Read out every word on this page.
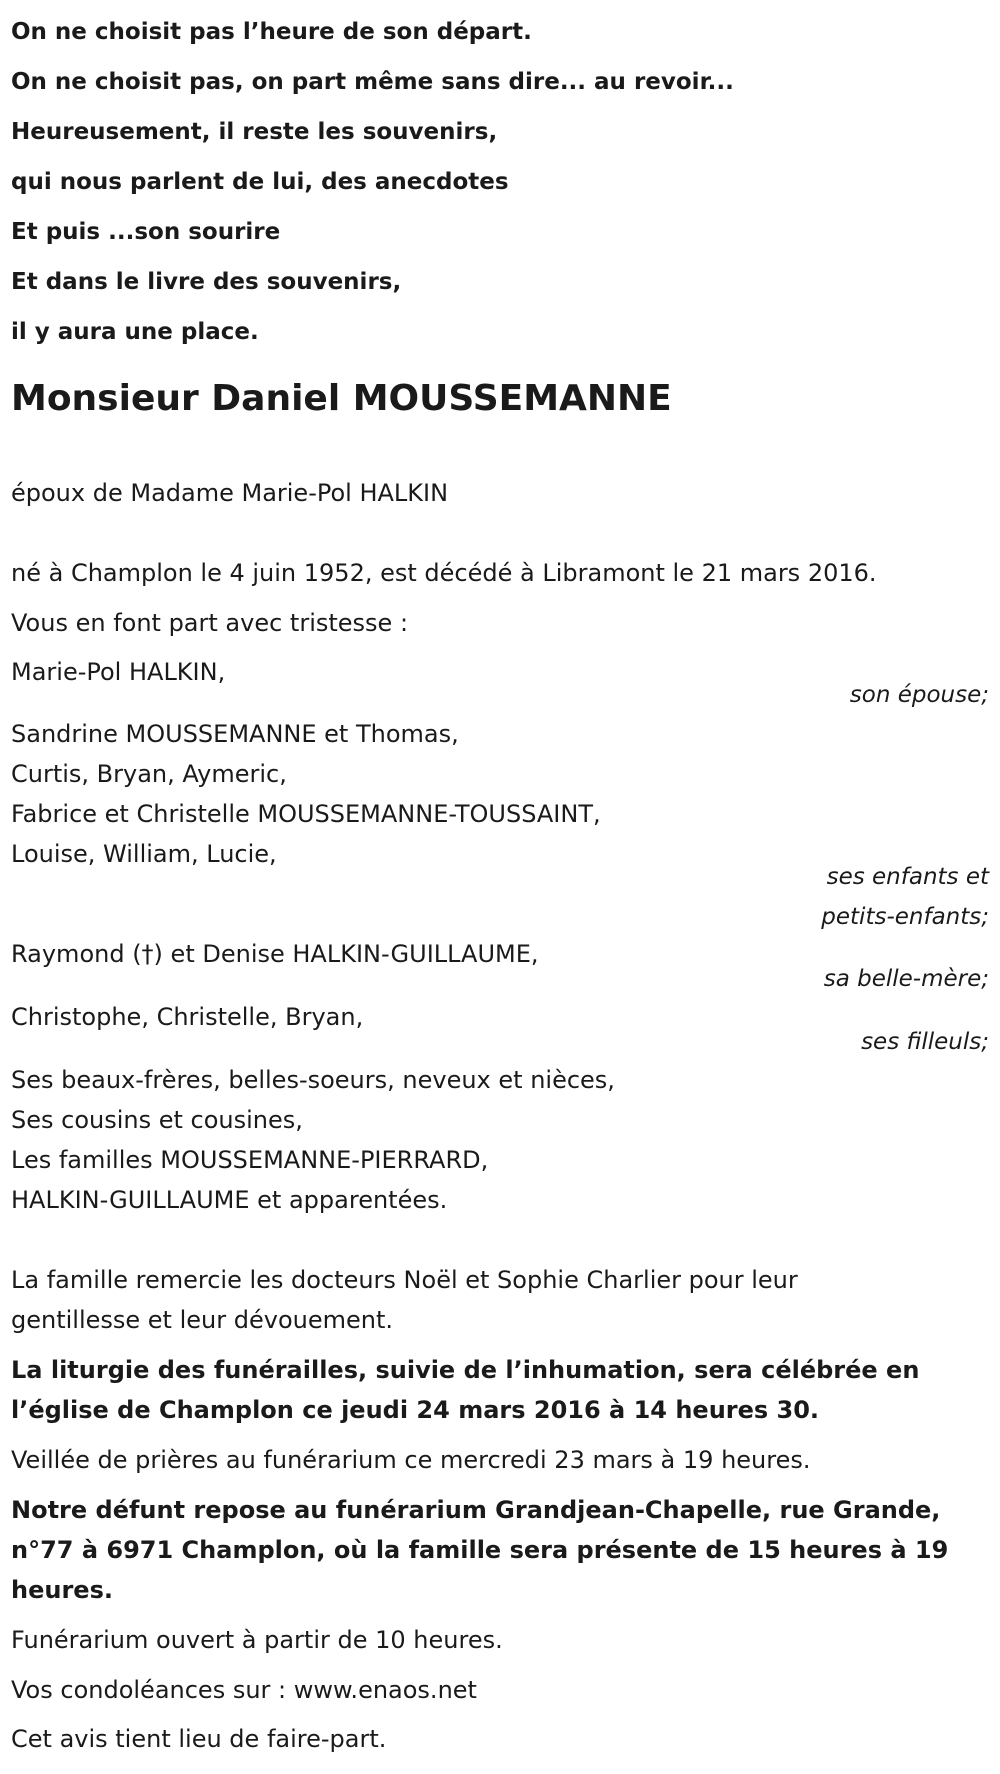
On ne choisit pas l’heure de son départ.
On ne choisit pas, on part même sans dire... au revoir...
Heureusement, il reste les souvenirs,
qui nous parlent de lui, des anecdotes
Et puis ...son sourire
Et dans le livre des souvenirs,
il y aura une place.
Monsieur Daniel MOUSSEMANNE
époux de Madame Marie-Pol HALKIN
né à Champlon le 4 juin 1952, est décédé à Libramont le 21 mars 2016.
Vous en font part avec tristesse :
Marie-Pol HALKIN,
son épouse;
Sandrine MOUSSEMANNE et Thomas,
Curtis, Bryan, Aymeric,
Fabrice et Christelle MOUSSEMANNE-TOUSSAINT,
Louise, William, Lucie,
ses enfants et
petits-enfants;
Raymond (†) et Denise HALKIN-GUILLAUME,
sa belle-mère;
Christophe, Christelle, Bryan,
ses filleuls;
Ses beaux-frères, belles-soeurs, neveux et nièces,
Ses cousins et cousines,
Les familles MOUSSEMANNE-PIERRARD,
HALKIN-GUILLAUME et apparentées.
La famille remercie les docteurs Noël et Sophie Charlier pour leur
gentillesse et leur dévouement.
La liturgie des funérailles, suivie de l’inhumation, sera célébrée en
l’église de Champlon ce jeudi 24 mars 2016 à 14 heures 30.
Veillée de prières au funérarium ce mercredi 23 mars à 19 heures.
Notre défunt repose au funérarium Grandjean-Chapelle, rue Grande,
n°77 à 6971 Champlon, où la famille sera présente de 15 heures à 19
heures.
Funérarium ouvert à partir de 10 heures.
Vos condoléances sur : www.enaos.net
Cet avis tient lieu de faire-part.
